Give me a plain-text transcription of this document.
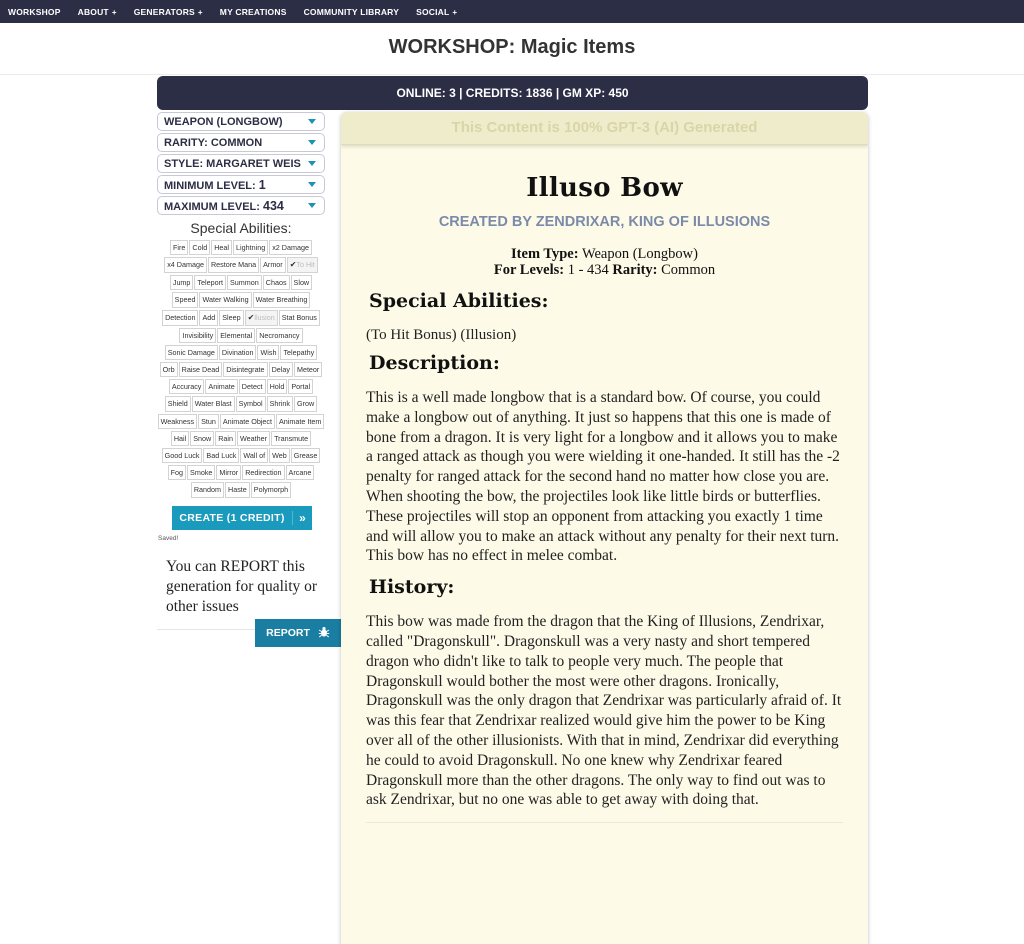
WORKSHOP ABOUT + GENERATORS + MY CREATIONS COMMUNITY LIBRARY SOCIAL +
WORKSHOP: Magic Items
ONLINE: 3 | CREDITS: 1836 | GM XP: 450
WEAPON (LONGBOW)
RARITY: COMMON
STYLE: MARGARET WEIS
MINIMUM LEVEL: 1
MAXIMUM LEVEL: 434
Special Abilities:
Fire Cold Heal Lightning x2 Damage
x4 Damage Restore Mana Armor ✔To Hit
Jump Teleport Summon Chaos Slow
Speed Water Walking Water Breathing
Detection Add Sleep ✔llusion Stat Bonus
Invisibility Elemental Necromancy
Sonic Damage Divination Wish Telepathy
Orb Raise Dead Disintegrate Delay Meteor
Accuracy Animate Detect Hold Portal
Shield Water Blast Symbol Shrink Grow
Weakness Stun Animate Object Animate Item
Hail Snow Rain Weather Transmute
Good Luck Bad Luck Wall of Web Grease
Fog Smoke Mirror Redirection Arcane
Random Haste Polymorph
CREATE (1 CREDIT)	»
Saved!
You can REPORT this generation for quality or other issues
REPORT
This Content is 100% GPT-3 (AI) Generated
Illuso Bow
CREATED BY ZENDRIXAR, KING OF ILLUSIONS
Item Type: Weapon (Longbow)
For Levels: 1 - 434 Rarity: Common
Special Abilities:
(To Hit Bonus) (Illusion)
Description:
This is a well made longbow that is a standard bow. Of course, you could make a longbow out of anything. It just so happens that this one is made of bone from a dragon. It is very light for a longbow and it allows you to make a ranged attack as though you were wielding it one-handed. It still has the -2 penalty for ranged attack for the second hand no matter how close you are. When shooting the bow, the projectiles look like little birds or butterflies. These projectiles will stop an opponent from attacking you exactly 1 time and will allow you to make an attack without any penalty for their next turn. This bow has no effect in melee combat.
History:
This bow was made from the dragon that the King of Illusions, Zendrixar, called "Dragonskull". Dragonskull was a very nasty and short tempered dragon who didn't like to talk to people very much. The people that Dragonskull would bother the most were other dragons. Ironically, Dragonskull was the only dragon that Zendrixar was particularly afraid of. It was this fear that Zendrixar realized would give him the power to be King over all of the other illusionists. With that in mind, Zendrixar did everything he could to avoid Dragonskull. No one knew why Zendrixar feared Dragonskull more than the other dragons. The only way to find out was to ask Zendrixar, but no one was able to get away with doing that.
